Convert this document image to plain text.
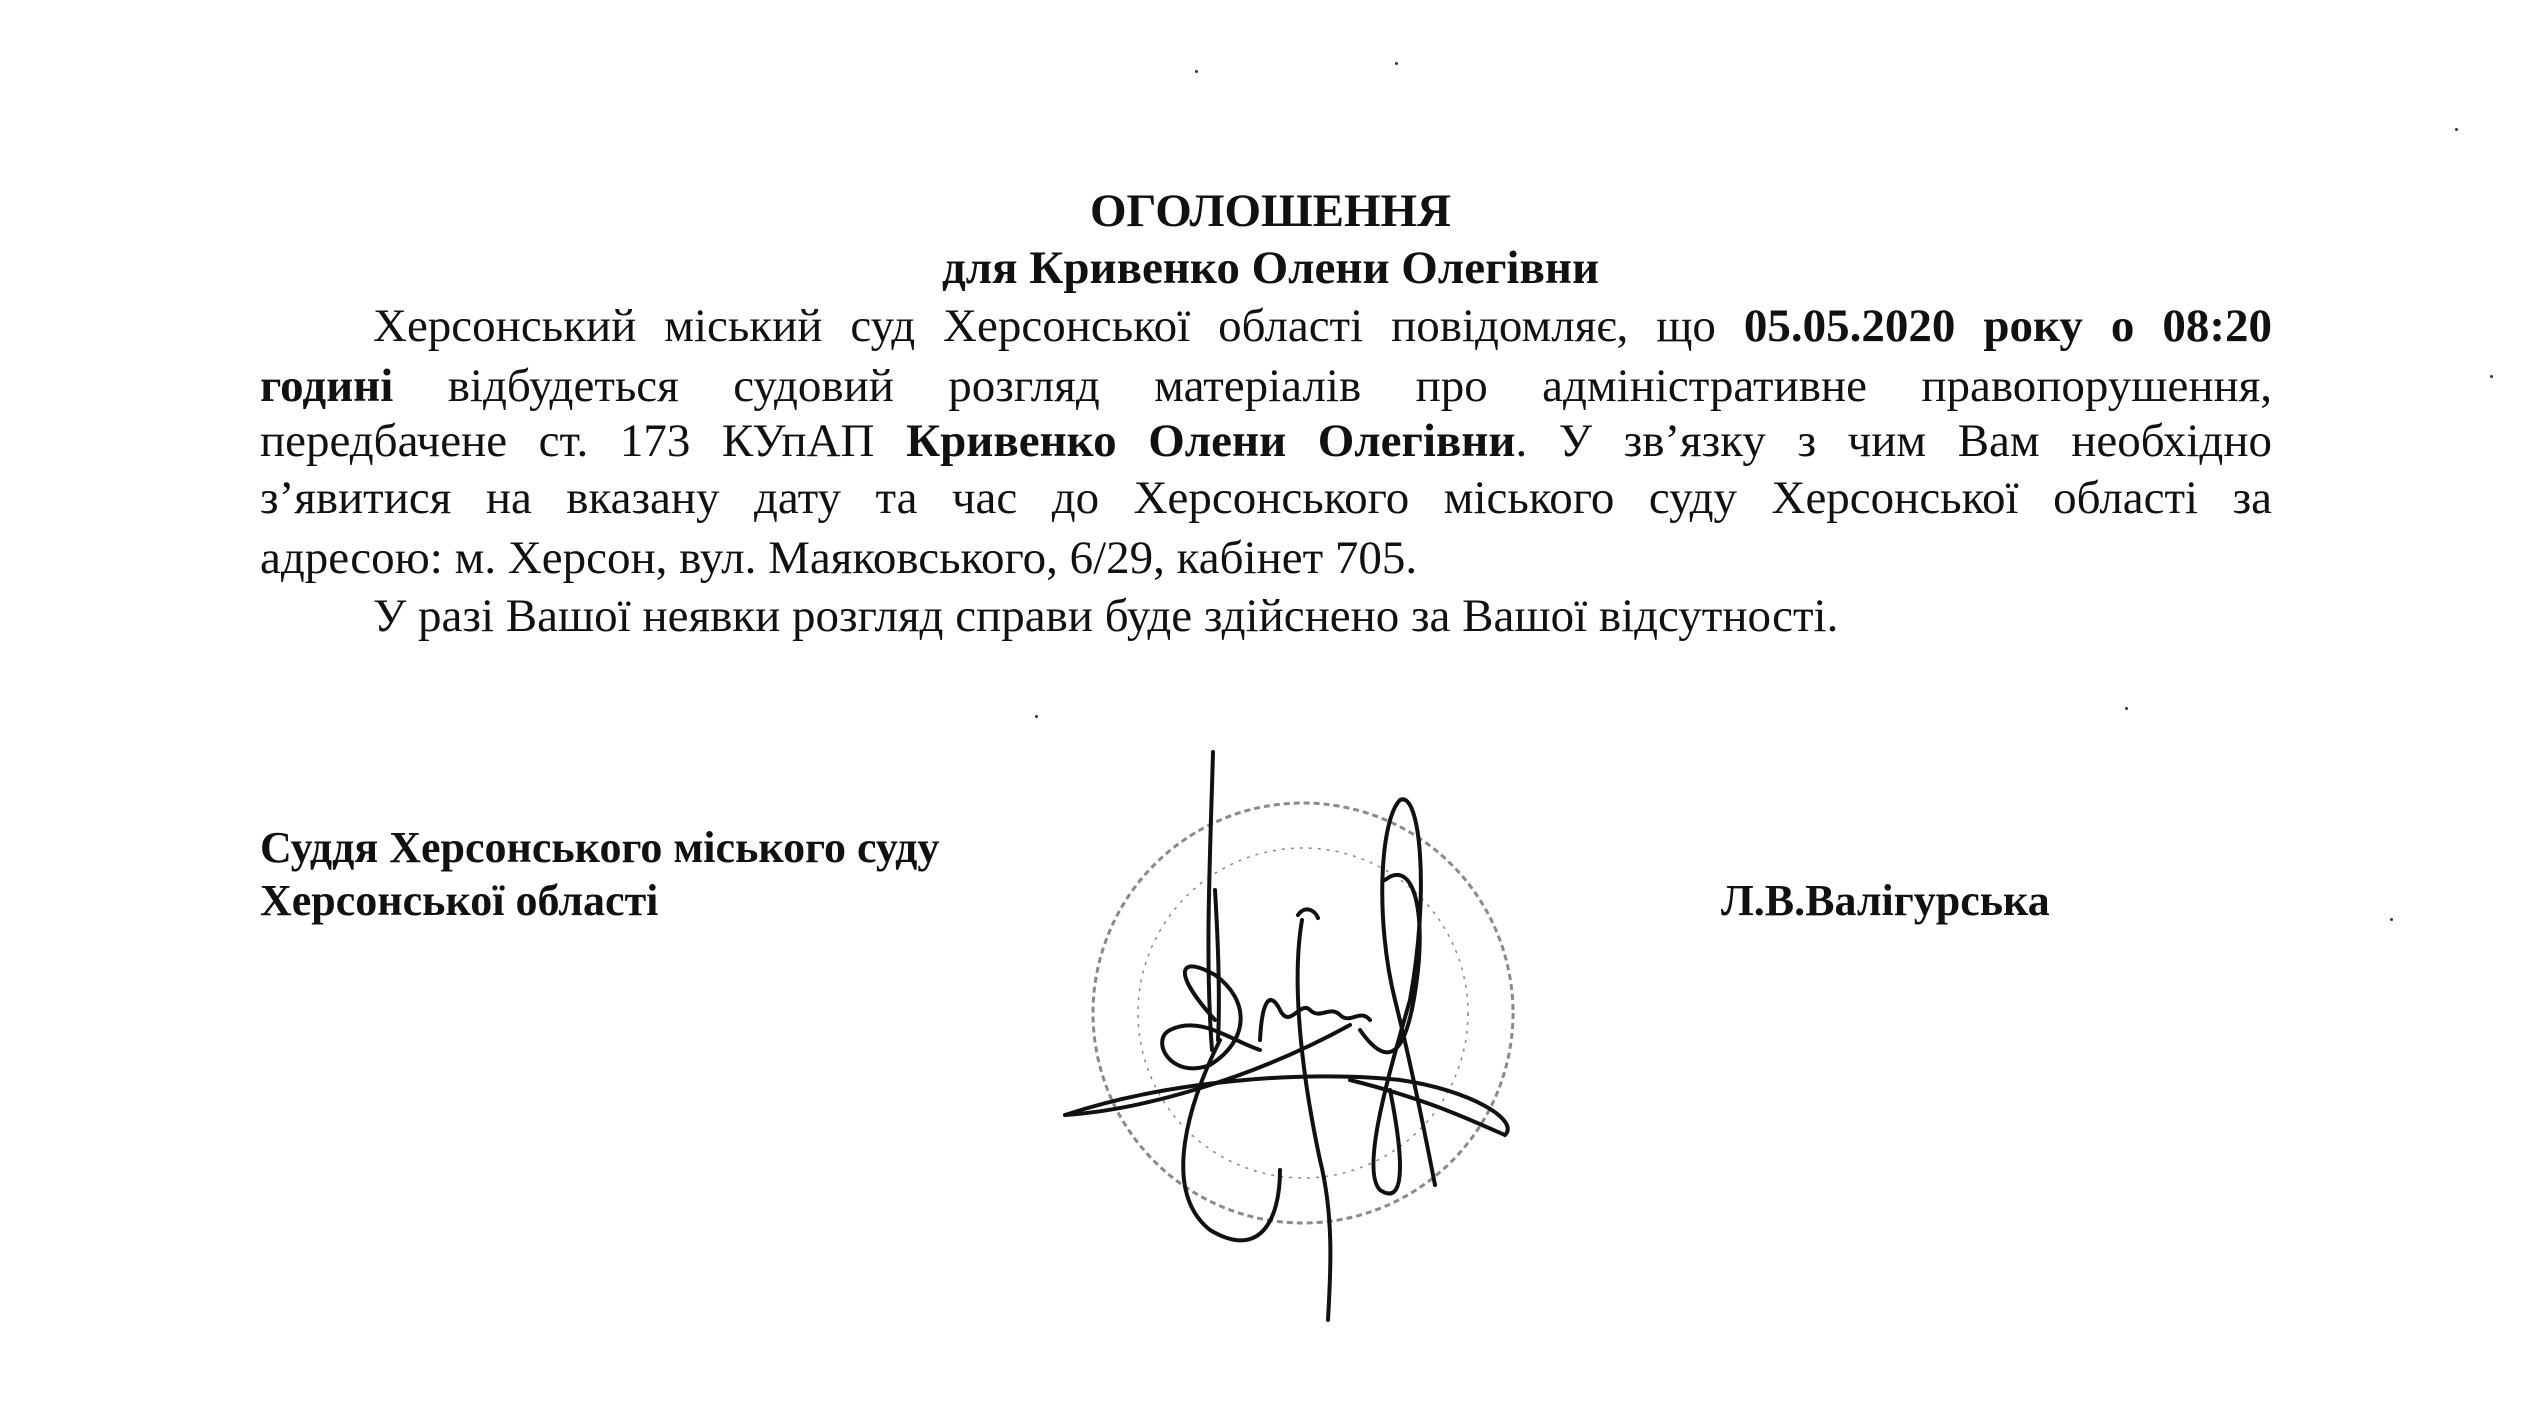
ОГОЛОШЕННЯ
для Кривенко Олени Олегівни
Херсонський міський суд Херсонської області повідомляє, що 05.05.2020 року о 08:20
годині відбудеться судовий розгляд матеріалів про адміністративне правопорушення,
передбачене ст. 173 КУпАП Кривенко Олени Олегівни. У зв’язку з чим Вам необхідно
з’явитися на вказану дату та час до Херсонського міського суду Херсонської області за
адресою: м. Херсон, вул. Маяковського, 6/29, кабінет 705.
У разі Вашої неявки розгляд справи буде здійснено за Вашої відсутності.
Суддя Херсонського міського суду
Херсонської області	Л.В.Валігурська
